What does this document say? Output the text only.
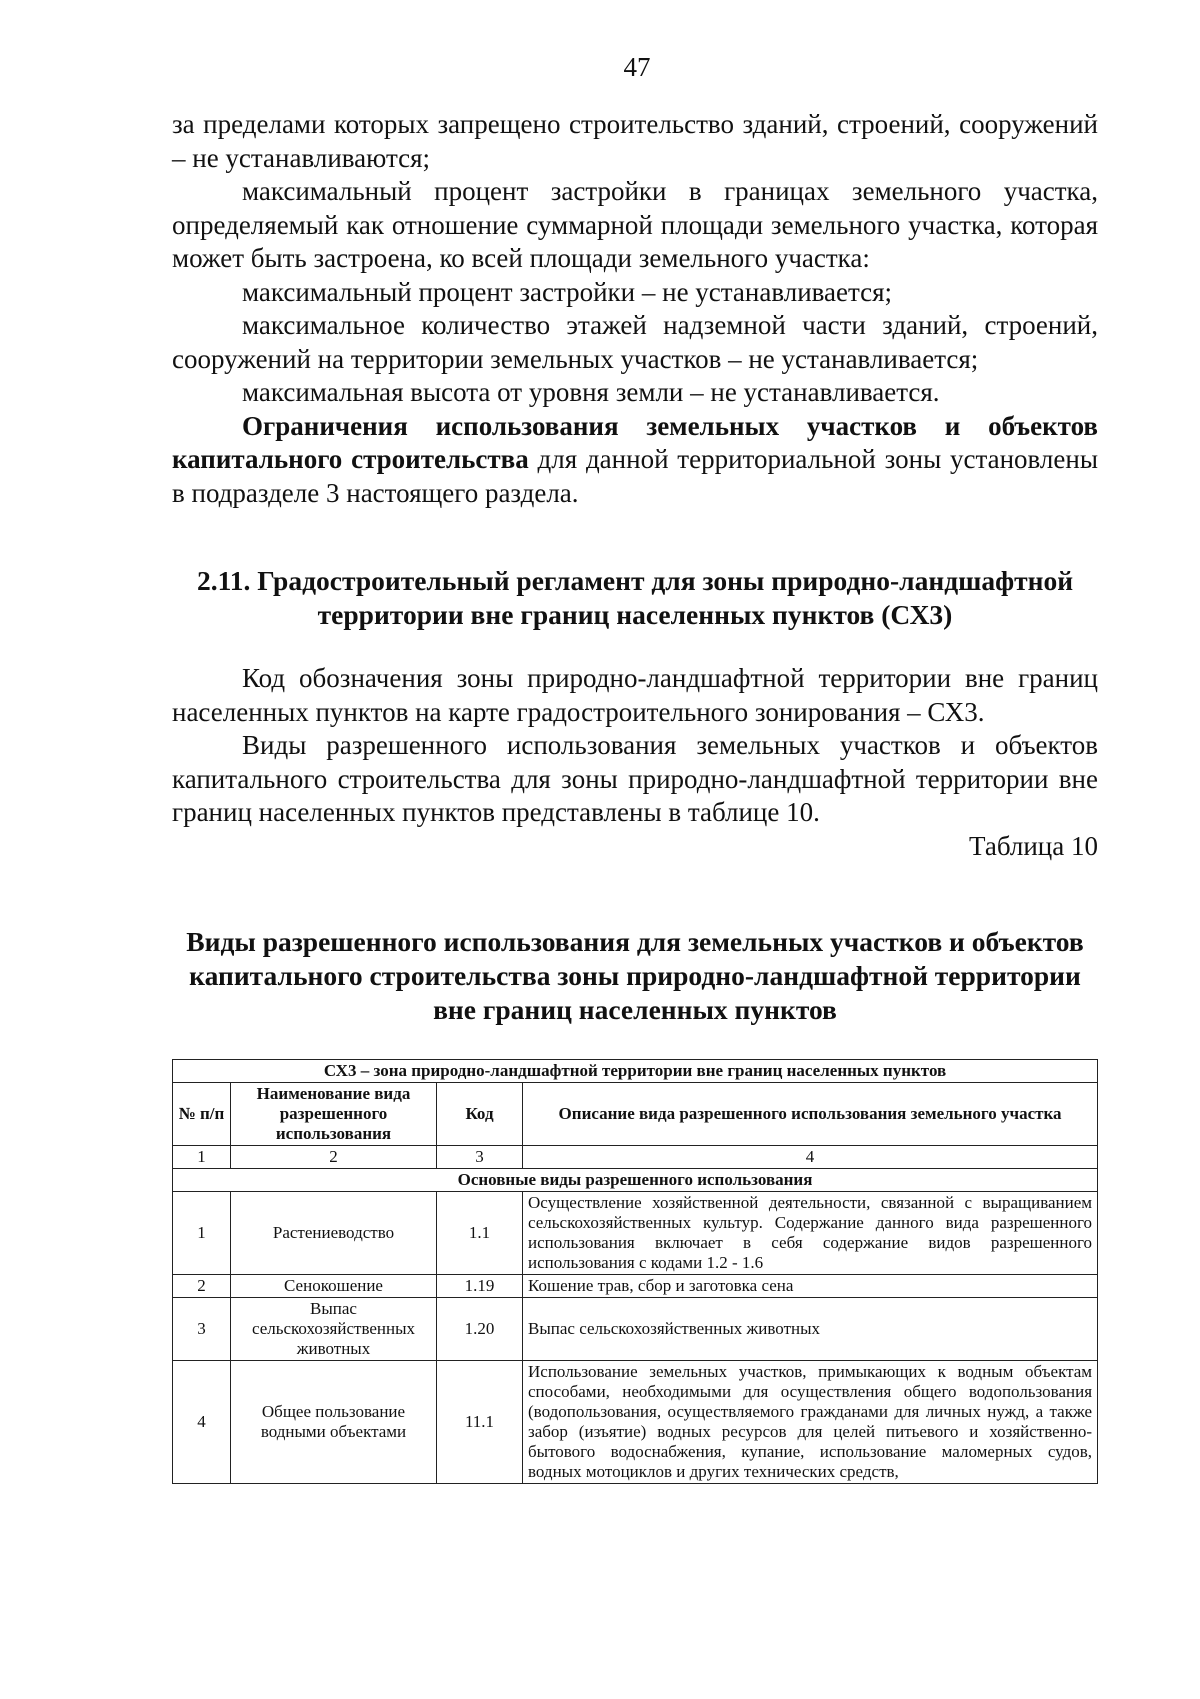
47

за пределами которых запрещено строительство зданий, строений, сооружений – не устанавливаются;

максимальный процент застройки в границах земельного участка, определяемый как отношение суммарной площади земельного участка, которая может быть застроена, ко всей площади земельного участка:

максимальный процент застройки – не устанавливается;

максимальное количество этажей надземной части зданий, строений, сооружений на территории земельных участков – не устанавливается;

максимальная высота от уровня земли – не устанавливается.

Ограничения использования земельных участков и объектов капитального строительства для данной территориальной зоны установлены в подразделе 3 настоящего раздела.

2.11. Градостроительный регламент для зоны природно-ландшафтной территории вне границ населенных пунктов (СХ3)

Код обозначения зоны природно-ландшафтной территории вне границ населенных пунктов на карте градостроительного зонирования – СХ3.

Виды разрешенного использования земельных участков и объектов капитального строительства для зоны природно-ландшафтной территории вне границ населенных пунктов представлены в таблице 10.

Таблица 10

Виды разрешенного использования для земельных участков и объектов капитального строительства зоны природно-ландшафтной территории вне границ населенных пунктов
СХ3 – зона природно-ландшафтной территории вне границ населенных пунктов			
№ п/п	Наименование вида разрешенного использования	Код	Описание вида разрешенного использования земельного участка
1	2	3	4
Основные виды разрешенного использования			
1	Растениеводство	1.1	Осуществление хозяйственной деятельности, связанной с выращиванием сельскохозяйственных культур. Содержание данного вида разрешенного использования включает в себя содержание видов разрешенного использования с кодами 1.2 - 1.6
2	Сенокошение	1.19	Кошение трав, сбор и заготовка сена
3	Выпас сельскохозяйственных животных	1.20	Выпас сельскохозяйственных животных
4	Общее пользование водными объектами	11.1	Использование земельных участков, примыкающих к водным объектам способами, необходимыми для осуществления общего водопользования (водопользования, осуществляемого гражданами для личных нужд, а также забор (изъятие) водных ресурсов для целей питьевого и хозяйственно-бытового водоснабжения, купание, использование маломерных судов, водных мотоциклов и других технических средств,
